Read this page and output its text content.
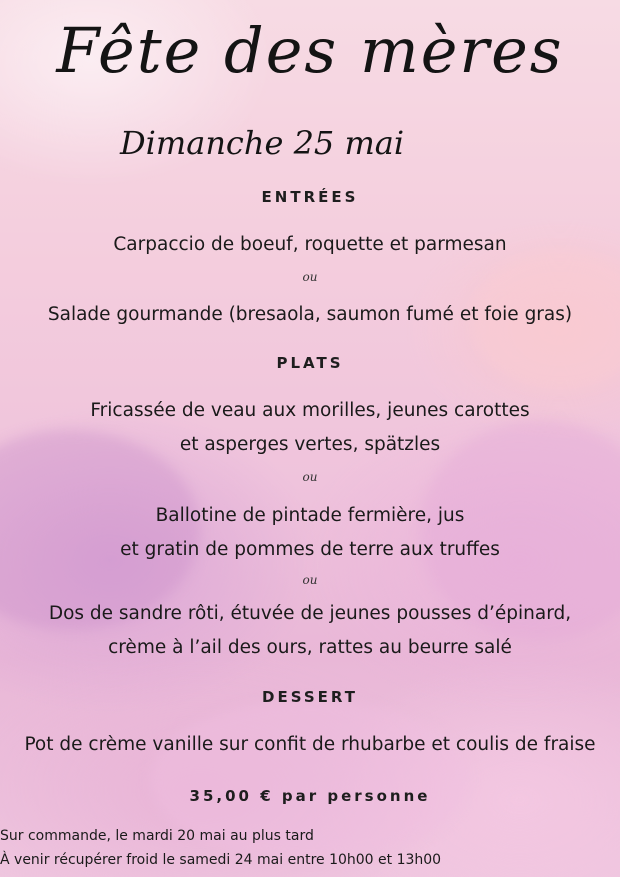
Fête des mères
Dimanche 25 mai
ENTRÉES
Carpaccio de boeuf, roquette et parmesan
ou
Salade gourmande (bresaola, saumon fumé et foie gras)
PLATS
Fricassée de veau aux morilles, jeunes carottes
et asperges vertes, spätzles
ou
Ballotine de pintade fermière, jus
et gratin de pommes de terre aux truffes
ou
Dos de sandre rôti, étuvée de jeunes pousses d’épinard,
crème à l’ail des ours, rattes au beurre salé
DESSERT
Pot de crème vanille sur confit de rhubarbe et coulis de fraise
35,00 € par personne
Sur commande, le mardi 20 mai au plus tard
À venir récupérer froid le samedi 24 mai entre 10h00 et 13h00
